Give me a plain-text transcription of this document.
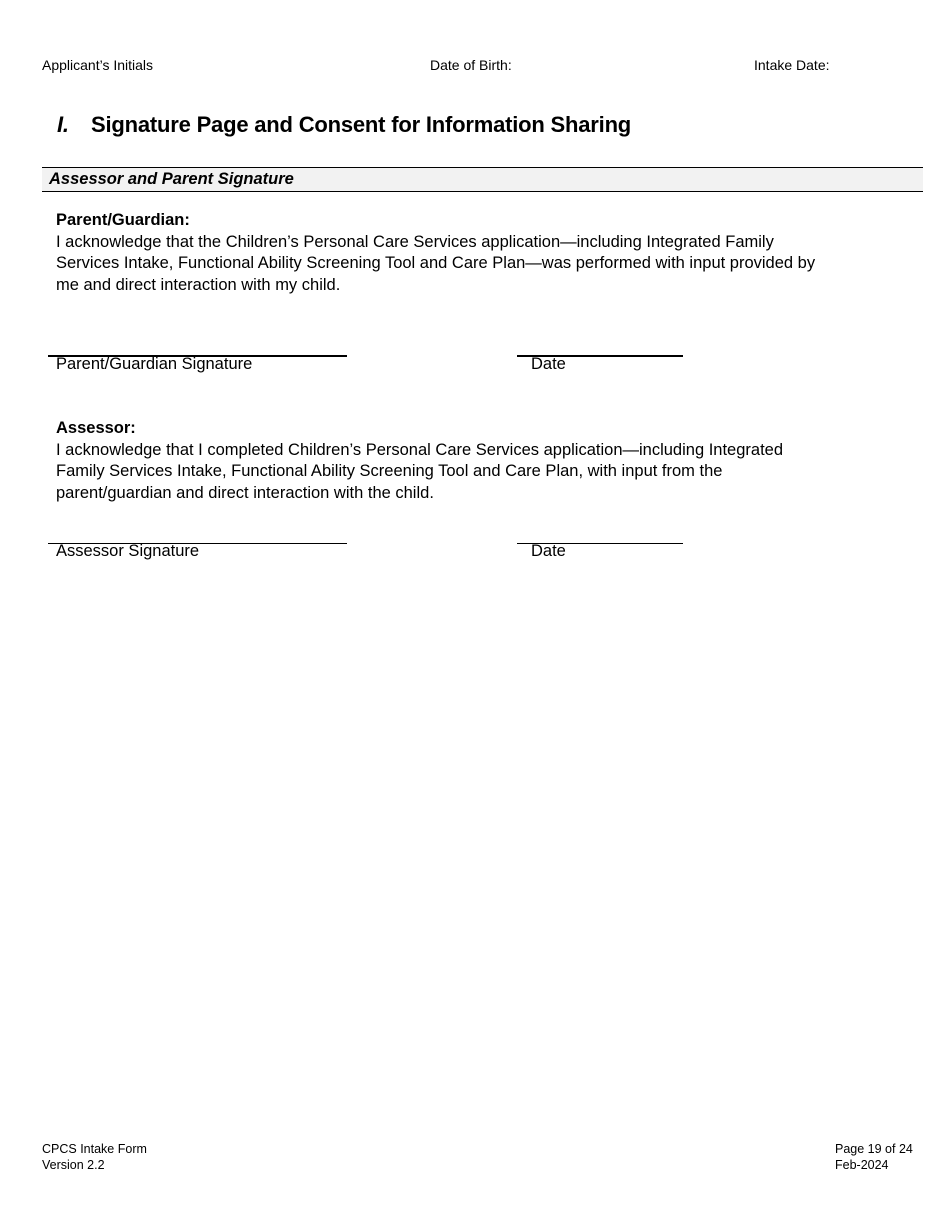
Applicant’s Initials	Date of Birth:	Intake Date:
I. Signature Page and Consent for Information Sharing
Assessor and Parent Signature
Parent/Guardian:
I acknowledge that the Children’s Personal Care Services application—including Integrated Family Services Intake, Functional Ability Screening Tool and Care Plan—was performed with input provided by me and direct interaction with my child.
Parent/Guardian Signature	Date
Assessor:
I acknowledge that I completed Children’s Personal Care Services application—including Integrated Family Services Intake, Functional Ability Screening Tool and Care Plan, with input from the parent/guardian and direct interaction with the child.
Assessor Signature	Date
CPCS Intake Form
Version 2.2
Page 19 of 24
Feb-2024
